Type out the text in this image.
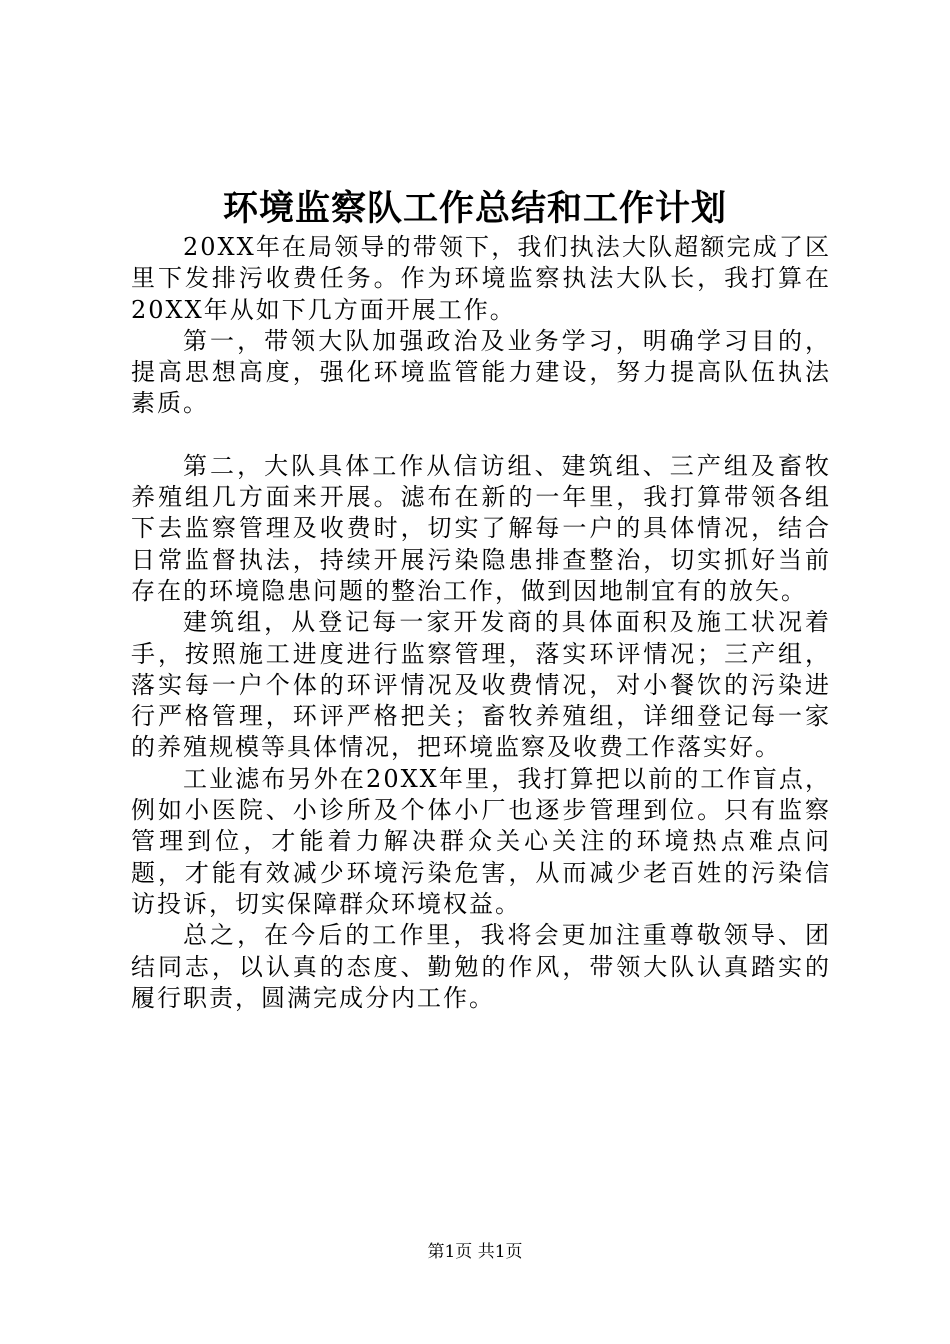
环境监察队工作总结和工作计划

20XX年在局领导的带领下，我们执法大队超额完成了区里下发排污收费任务。作为环境监察执法大队长，我打算在20XX年从如下几方面开展工作。

第一，带领大队加强政治及业务学习，明确学习目的，提高思想高度，强化环境监管能力建设，努力提高队伍执法素质。

第二，大队具体工作从信访组、建筑组、三产组及畜牧养殖组几方面来开展。滤布在新的一年里，我打算带领各组下去监察管理及收费时，切实了解每一户的具体情况，结合日常监督执法，持续开展污染隐患排查整治，切实抓好当前存在的环境隐患问题的整治工作，做到因地制宜有的放矢。

建筑组，从登记每一家开发商的具体面积及施工状况着手，按照施工进度进行监察管理，落实环评情况；三产组，落实每一户个体的环评情况及收费情况，对小餐饮的污染进行严格管理，环评严格把关；畜牧养殖组，详细登记每一家的养殖规模等具体情况，把环境监察及收费工作落实好。

工业滤布另外在20XX年里，我打算把以前的工作盲点，例如小医院、小诊所及个体小厂也逐步管理到位。只有监察管理到位，才能着力解决群众关心关注的环境热点难点问题，才能有效减少环境污染危害，从而减少老百姓的污染信访投诉，切实保障群众环境权益。

总之，在今后的工作里，我将会更加注重尊敬领导、团结同志，以认真的态度、勤勉的作风，带领大队认真踏实的履行职责，圆满完成分内工作。

第1页 共1页
